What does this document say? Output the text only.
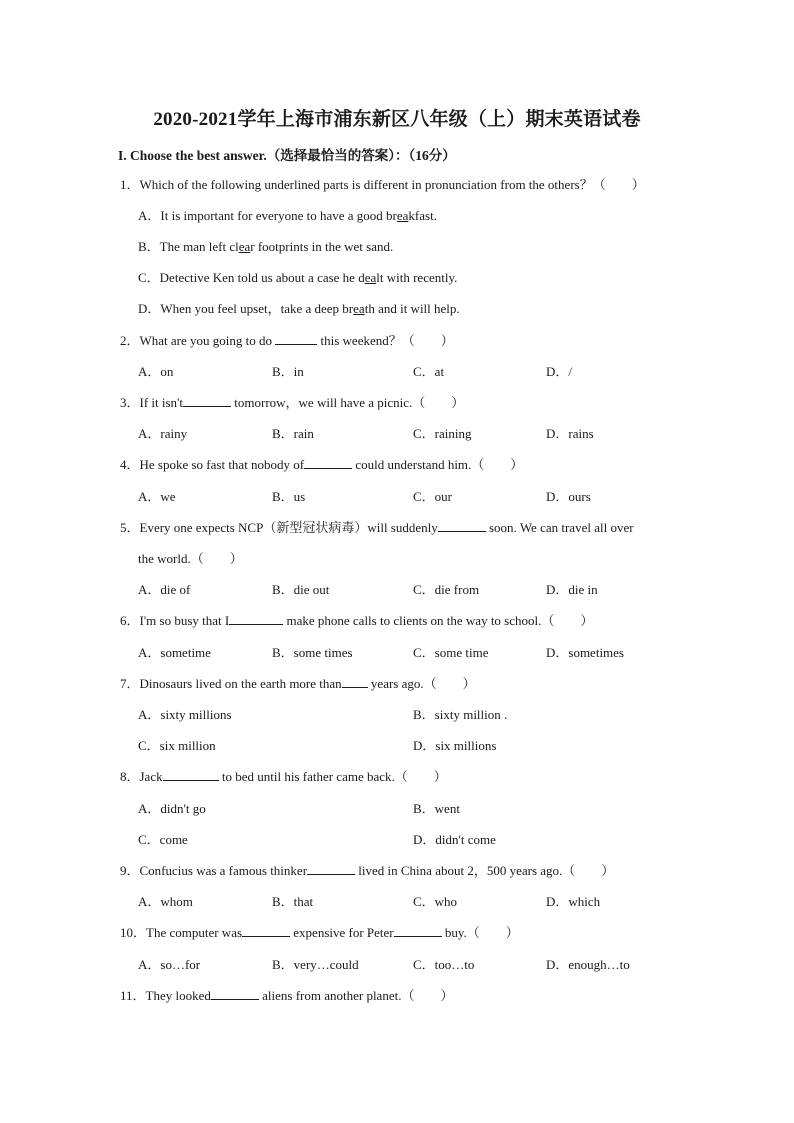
2020-2021学年上海市浦东新区八年级（上）期末英语试卷
I. Choose the best answer.（选择最恰当的答案）：（16分）
1．Which of the following underlined parts is different in pronunciation from the others？（　　）
A．It is important for everyone to have a good breakfast.
B．The man left clear footprints in the wet sand.
C．Detective Ken told us about a case he dealt with recently.
D．When you feel upset，take a deep breath and it will help.
2．What are you going to do	this weekend？（　　）
A．on	B．in	C．at	D．/
3．If it isn't	tomorrow，we will have a picnic.（　　）
A．rainy	B．rain	C．raining	D．rains
4．He spoke so fast that nobody of	could understand him.（　　）
A．we	B．us	C．our	D．ours
5．Every one expects NCP（新型冠状病毒）will suddenly	soon. We can travel all over
the world.（　　）
A．die of	B．die out	C．die from	D．die in
6．I'm so busy that I	make phone calls to clients on the way to school.（　　）
A．sometime	B．some times	C．some time	D．sometimes
7．Dinosaurs lived on the earth more than years ago.（　　）
A．sixty millions	B．sixty million .
C．six million	D．six millions
8．Jack	to bed until his father came back.（　　）
A．didn't go	B．went
C．come	D．didn't come
9．Confucius was a famous thinker	lived in China about 2，500 years ago.（　　）
A．whom	B．that	C．who	D．which
10．The computer was	expensive for Peter	buy.（　　）
A．so…for	B．very…could	C．too…to	D．enough…to
11．They looked	aliens from another planet.（　　）
